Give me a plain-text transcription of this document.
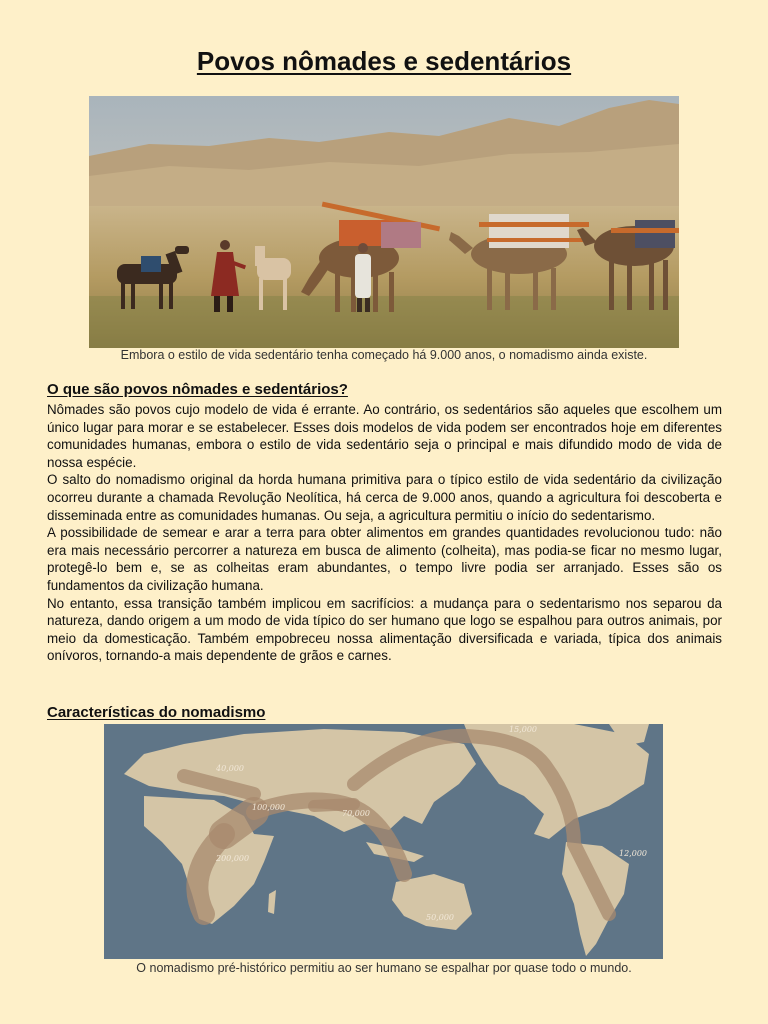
Povos nômades e sedentários
Embora o estilo de vida sedentário tenha começado há 9.000 anos, o nomadismo ainda existe.
O que são povos nômades e sedentários?

Nômades são povos cujo modelo de vida é errante. Ao contrário, os sedentários são aqueles que escolhem um único lugar para morar e se estabelecer. Esses dois modelos de vida podem ser encontrados hoje em diferentes comunidades humanas, embora o estilo de vida sedentário seja o principal e mais difundido modo de vida de nossa espécie.

O salto do nomadismo original da horda humana primitiva para o típico estilo de vida sedentário da civilização ocorreu durante a chamada Revolução Neolítica, há cerca de 9.000 anos, quando a agricultura foi descoberta e disseminada entre as comunidades humanas. Ou seja, a agricultura permitiu o início do sedentarismo.

A possibilidade de semear e arar a terra para obter alimentos em grandes quantidades revolucionou tudo: não era mais necessário percorrer a natureza em busca de alimento (colheita), mas podia-se ficar no mesmo lugar, protegê-lo bem e, se as colheitas eram abundantes, o tempo livre podia ser arranjado. Esses são os fundamentos da civilização humana.

No entanto, essa transição também implicou em sacrifícios: a mudança para o sedentarismo nos separou da natureza, dando origem a um modo de vida típico do ser humano que logo se espalhou para outros animais, por meio da domesticação. Também empobreceu nossa alimentação diversificada e variada, típica dos animais onívoros, tornando-a mais dependente de grãos e carnes.

Características do nomadismo
40,000
15,000
100,000
70,000
200,000
12,000
50,000
O nomadismo pré-histórico permitiu ao ser humano se espalhar por quase todo o mundo.
